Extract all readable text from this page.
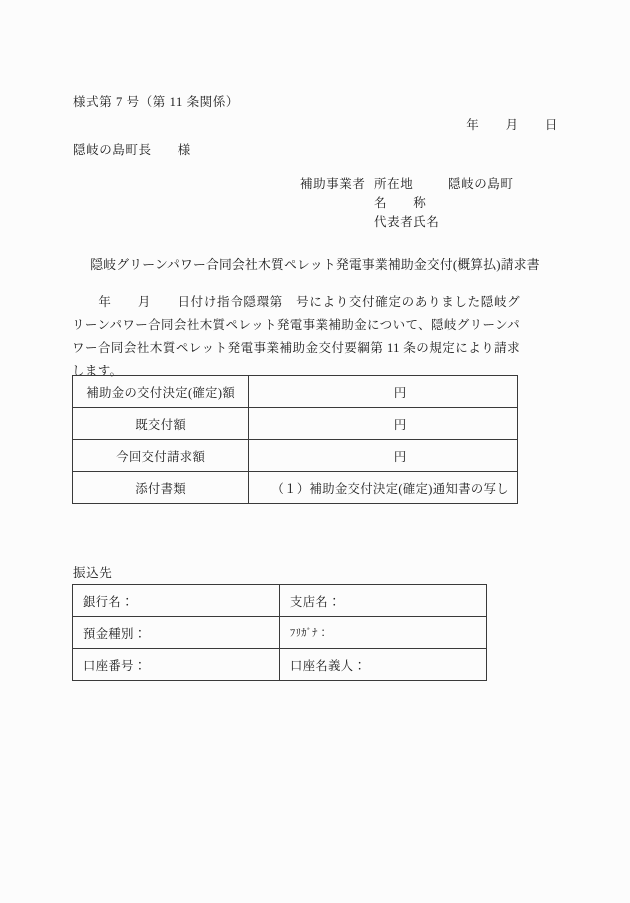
様式第 7 号（第 11 条関係）
年　　月　　日
隠岐の島町長　　様
補助事業者 所在地	隠岐の島町
名　　称
代表者氏名
隠岐グリーンパワー合同会社木質ペレット発電事業補助金交付(概算払)請求書
年　　月　　日付け指令隠環第　号により交付確定のありました隠岐グリーンパワー合同会社木質ペレット発電事業補助金について、隠岐グリーンパワー合同会社木質ペレット発電事業補助金交付要綱第 11 条の規定により請求します。
補助金の交付決定(確定)額	円
既交付額	円
今回交付請求額	円
添付書類	（１）補助金交付決定(確定)通知書の写し
振込先
銀行名：	支店名：
預金種別：	ﾌﾘｶﾞﾅ：
口座番号：	口座名義人：
